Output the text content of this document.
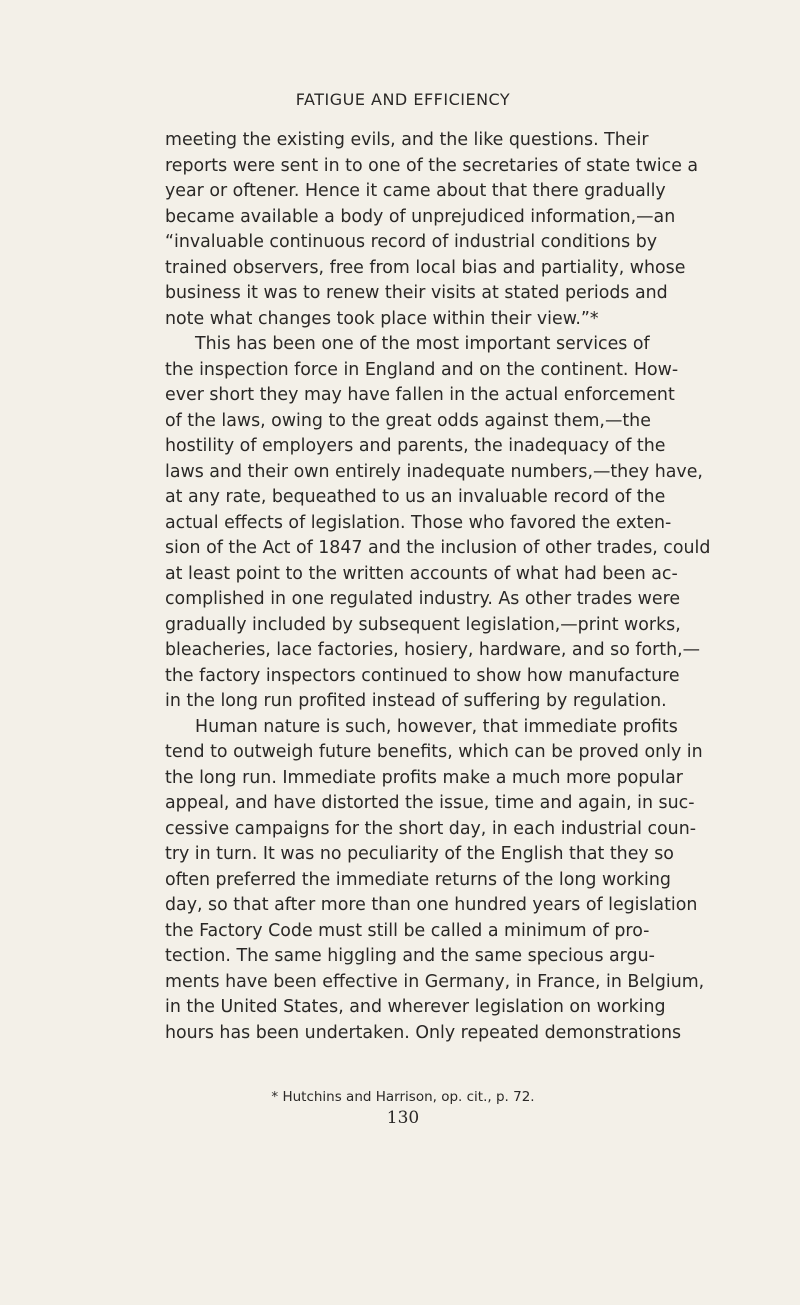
FATIGUE AND EFFICIENCY
meeting the existing evils, and the like questions. Their
reports were sent in to one of the secretaries of state twice a
year or oftener. Hence it came about that there gradually
became available a body of unprejudiced information,—an
“invaluable continuous record of industrial conditions by
trained observers, free from local bias and partiality, whose
business it was to renew their visits at stated periods and
note what changes took place within their view.”*
This has been one of the most important services of
the inspection force in England and on the continent. How-
ever short they may have fallen in the actual enforcement
of the laws, owing to the great odds against them,—the
hostility of employers and parents, the inadequacy of the
laws and their own entirely inadequate numbers,—they have,
at any rate, bequeathed to us an invaluable record of the
actual effects of legislation. Those who favored the exten-
sion of the Act of 1847 and the inclusion of other trades, could
at least point to the written accounts of what had been ac-
complished in one regulated industry. As other trades were
gradually included by subsequent legislation,—print works,
bleacheries, lace factories, hosiery, hardware, and so forth,—
the factory inspectors continued to show how manufacture
in the long run profited instead of suffering by regulation.
Human nature is such, however, that immediate profits
tend to outweigh future benefits, which can be proved only in
the long run. Immediate profits make a much more popular
appeal, and have distorted the issue, time and again, in suc-
cessive campaigns for the short day, in each industrial coun-
try in turn. It was no peculiarity of the English that they so
often preferred the immediate returns of the long working
day, so that after more than one hundred years of legislation
the Factory Code must still be called a minimum of pro-
tection. The same higgling and the same specious argu-
ments have been effective in Germany, in France, in Belgium,
in the United States, and wherever legislation on working
hours has been undertaken. Only repeated demonstrations
* Hutchins and Harrison, op. cit., p. 72.
130
